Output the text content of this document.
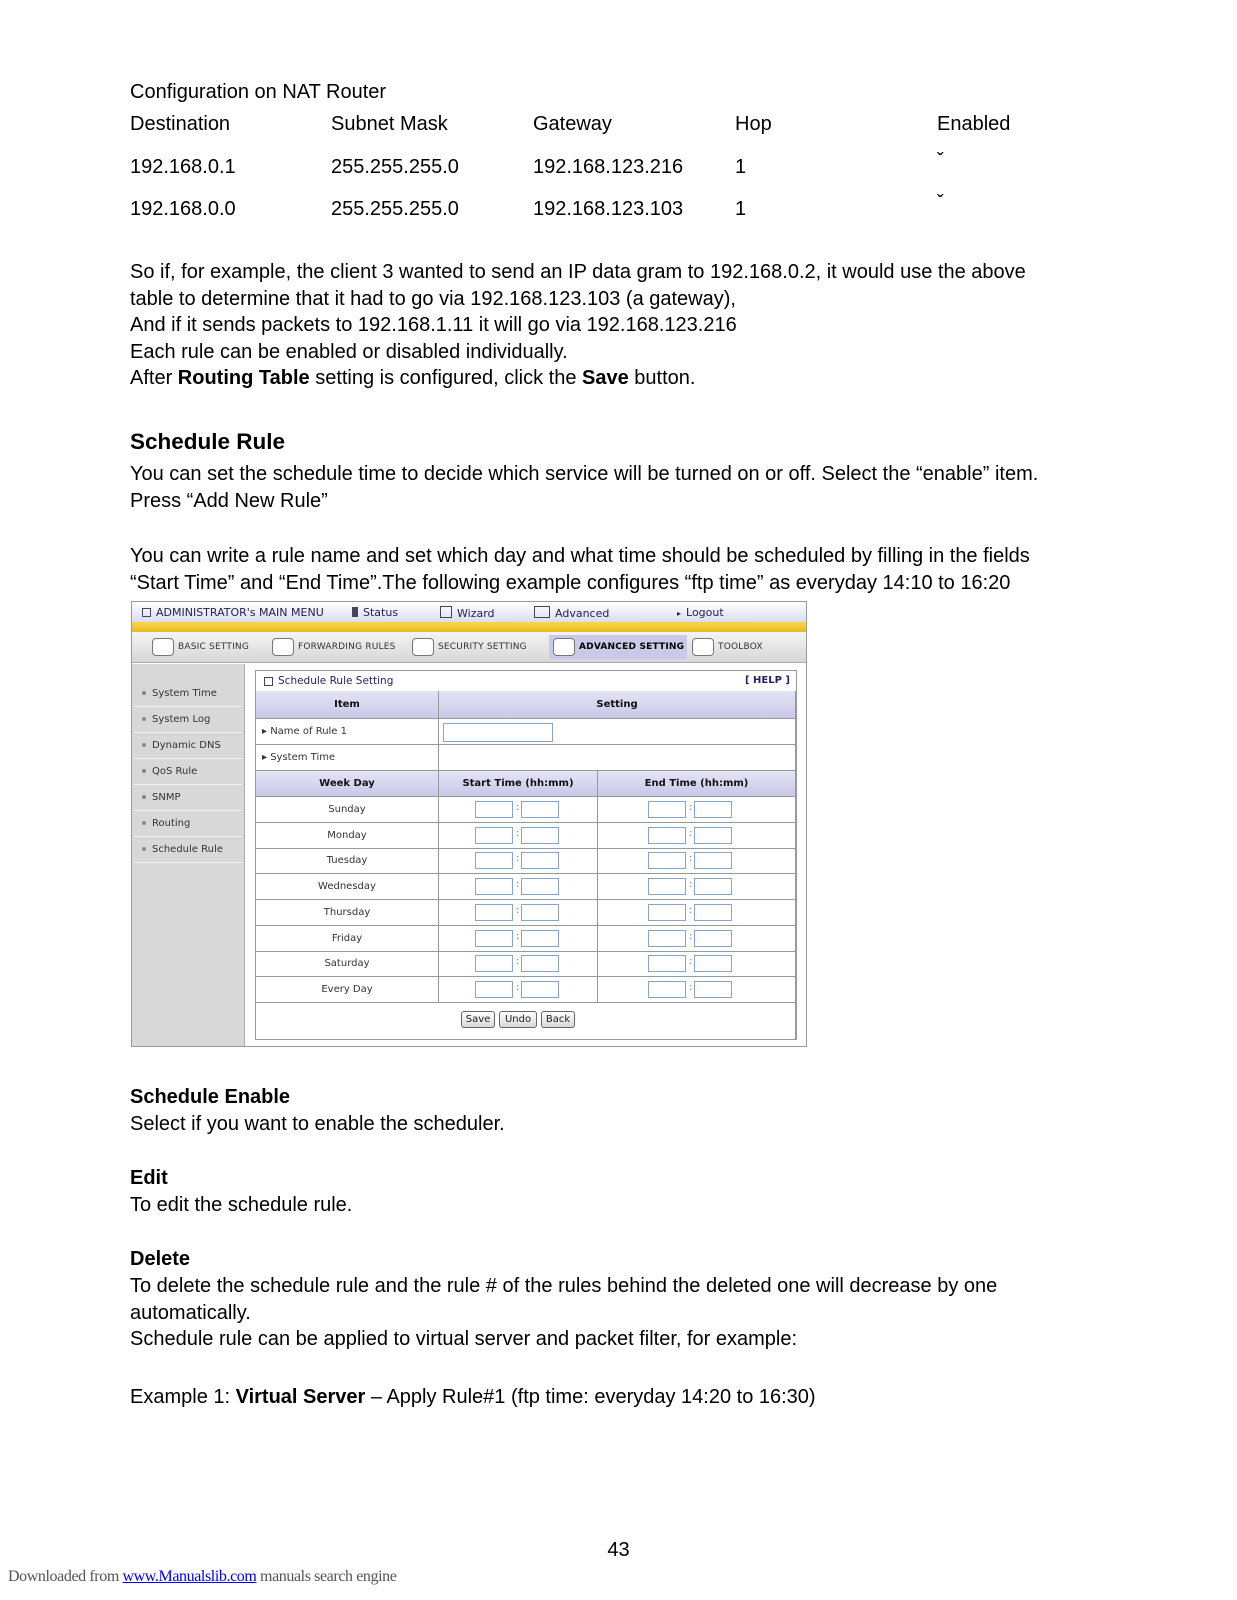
Configuration on NAT Router
Destination	Subnet Mask	Gateway	Hop	Enabled
192.168.0.1	255.255.255.0	192.168.123.216	1	ˇ
192.168.0.0	255.255.255.0	192.168.123.103	1	ˇ
So if, for example, the client 3 wanted to send an IP data gram to 192.168.0.2, it would use the above
table to determine that it had to go via 192.168.123.103 (a gateway),
And if it sends packets to 192.168.1.11 it will go via 192.168.123.216
Each rule can be enabled or disabled individually.
After Routing Table setting is configured, click the Save button.
Schedule Rule
You can set the schedule time to decide which service will be turned on or off. Select the “enable” item.
Press “Add New Rule”
You can write a rule name and set which day and what time should be scheduled by filling in the fields
“Start Time” and “End Time”.The following example configures “ftp time” as everyday 14:10 to 16:20
ADMINISTRATOR's MAIN MENU	Status	Wizard	Advanced	▸ Logout
BASIC SETTING	FORWARDING RULES	SECURITY SETTING	ADVANCED SETTING	TOOLBOX
System Time
System Log
Dynamic DNS
QoS Rule
SNMP
Routing
Schedule Rule
Schedule Rule Setting	[ HELP ]
Item	Setting
▸ Name of Rule 1
▸ System Time
Week Day	Start Time (hh:mm)	End Time (hh:mm)
Sunday	:	:
Monday	:	:
Tuesday	:	:
Wednesday	:	:
Thursday	:	:
Friday	:	:
Saturday	:	:
Every Day	:	:
Save	Undo	Back
Schedule Enable
Select if you want to enable the scheduler.
Edit
To edit the schedule rule.
Delete
To delete the schedule rule and the rule # of the rules behind the deleted one will decrease by one
automatically.
Schedule rule can be applied to virtual server and packet filter, for example:
Example 1: Virtual Server – Apply Rule#1 (ftp time: everyday 14:20 to 16:30)
43
Downloaded from www.Manualslib.com manuals search engine
